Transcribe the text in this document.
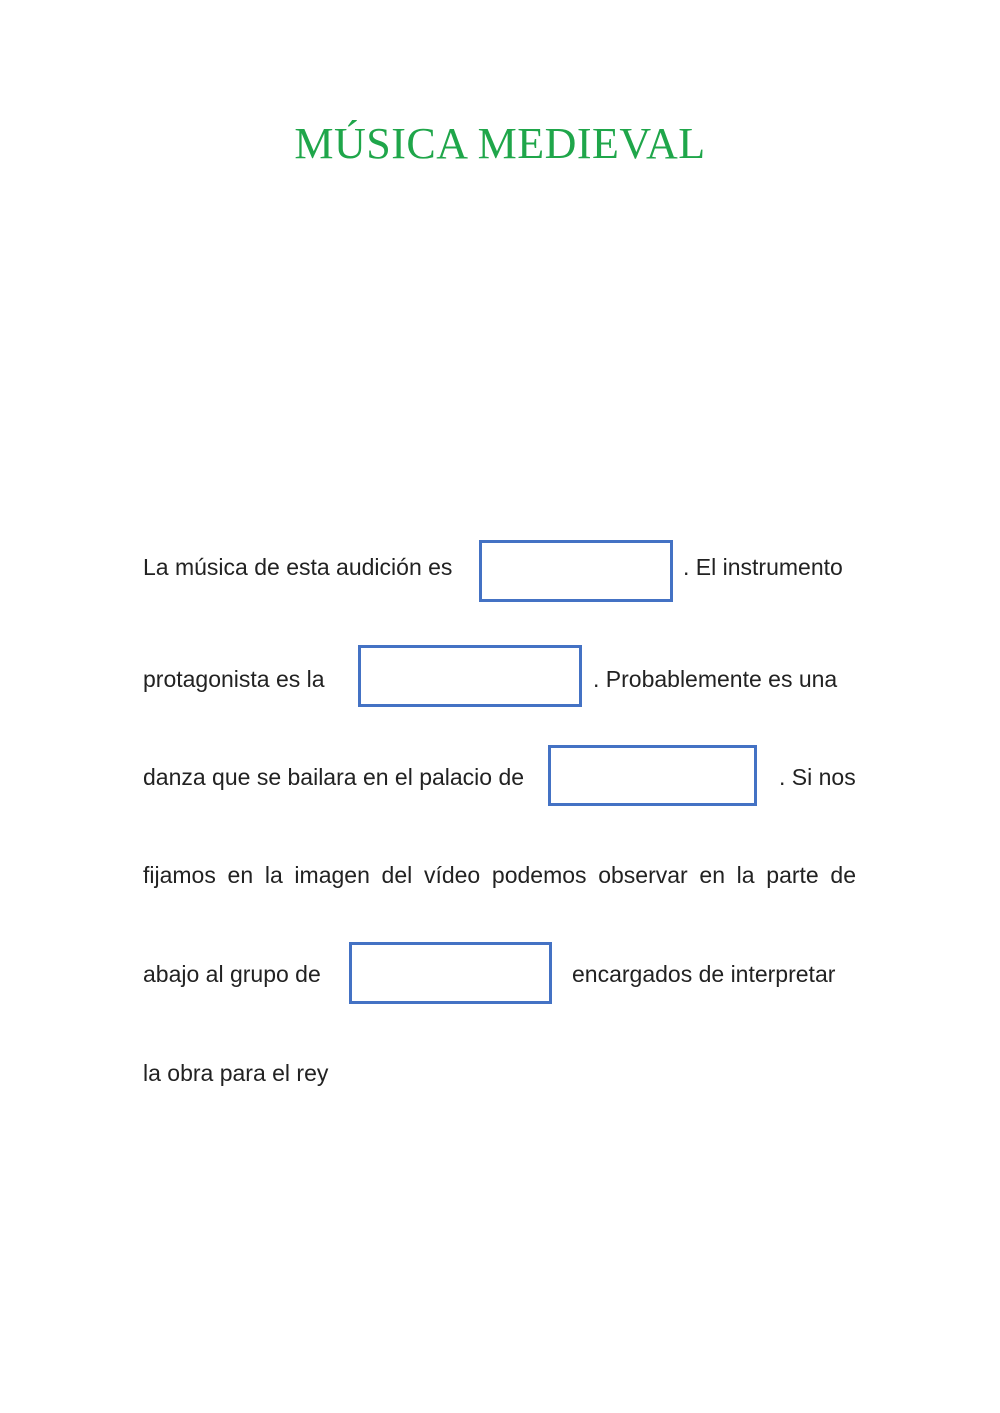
MÚSICA MEDIEVAL
La música de esta audición es	. El instrumento
protagonista es la	. Probablemente es una
danza que se bailara en el palacio de	. Si nos
fijamos en la imagen del vídeo podemos observar en la parte de
abajo al grupo de	encargados de interpretar
la obra para el rey
